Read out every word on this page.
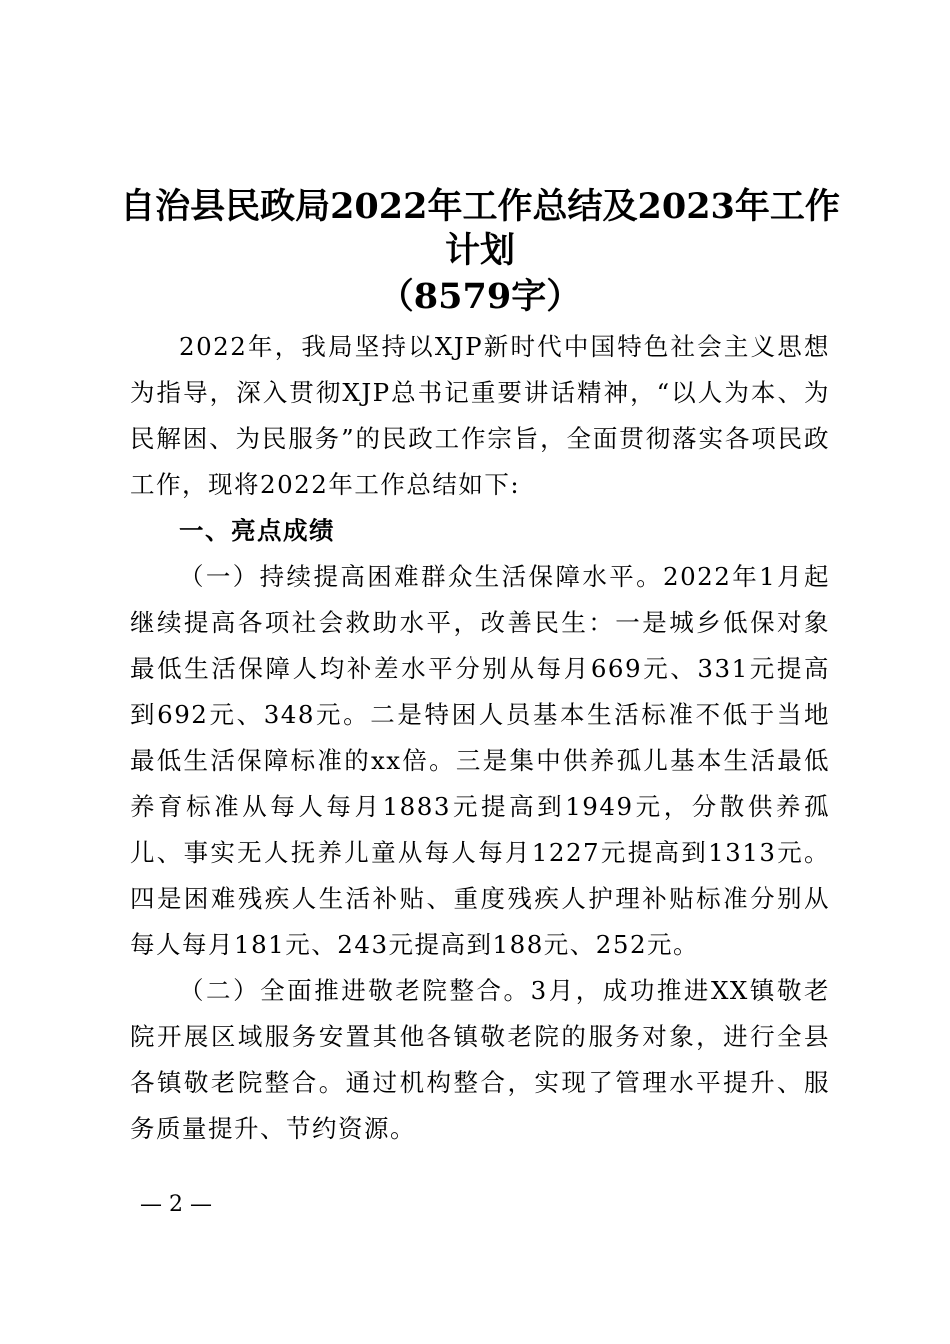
自治县民政局2022年工作总结及2023年工作
计划
（8579字）

2022年，我局坚持以XJP新时代中国特色社会主义思想为指导，深入贯彻XJP总书记重要讲话精神，“以人为本、为民解困、为民服务”的民政工作宗旨，全面贯彻落实各项民政工作，现将2022年工作总结如下:

一、亮点成绩

（一）持续提高困难群众生活保障水平。2022年1月起继续提高各项社会救助水平，改善民生：一是城乡低保对象最低生活保障人均补差水平分别从每月669元、331元提高到692元、348元。二是特困人员基本生活标准不低于当地最低生活保障标准的xx倍。三是集中供养孤儿基本生活最低养育标准从每人每月1883元提高到1949元，分散供养孤儿、事实无人抚养儿童从每人每月1227元提高到1313元。四是困难残疾人生活补贴、重度残疾人护理补贴标准分别从每人每月181元、243元提高到188元、252元。

（二）全面推进敬老院整合。3月，成功推进XX镇敬老院开展区域服务安置其他各镇敬老院的服务对象，进行全县各镇敬老院整合。通过机构整合，实现了管理水平提升、服务质量提升、节约资源。

— 2 —
